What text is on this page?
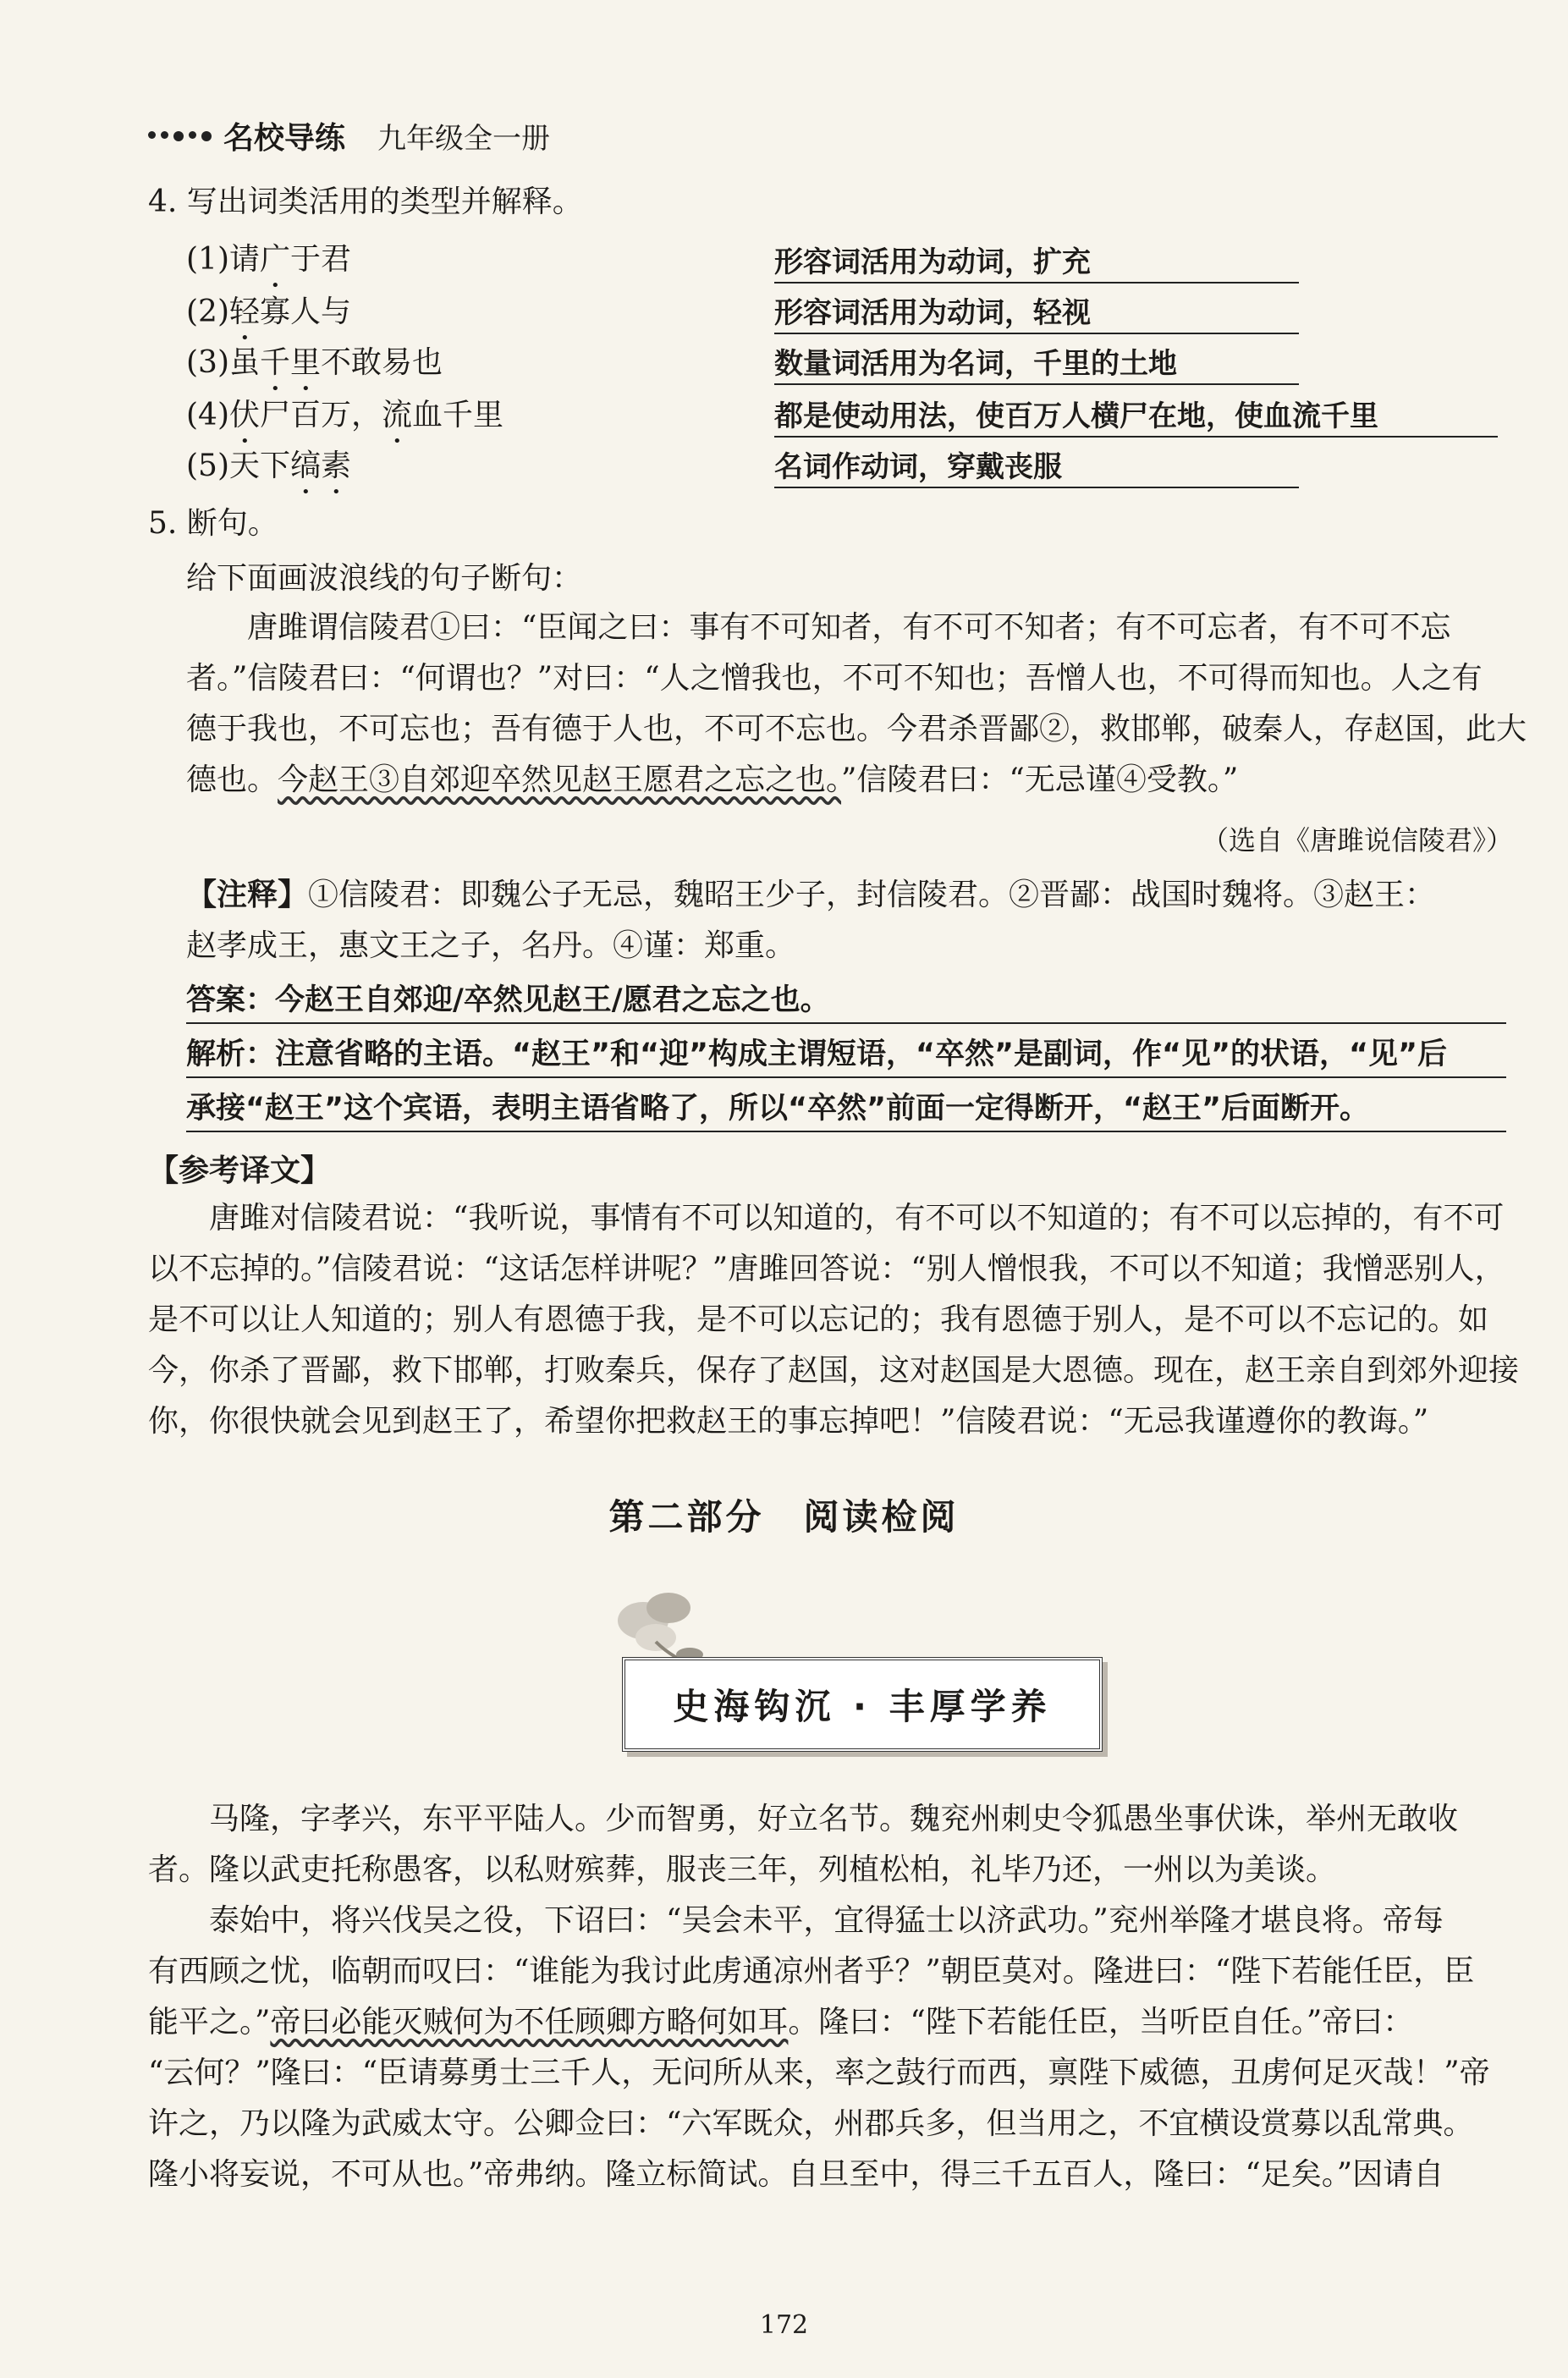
名校导练 九年级全一册
4. 写出词类活用的类型并解释。
(1)请广于君	形容词活用为动词，扩充
(2)轻寡人与	形容词活用为动词，轻视
(3)虽千里不敢易也	数量词活用为名词，千里的土地
(4)伏尸百万，流血千里	都是使动用法，使百万人横尸在地，使血流千里
(5)天下缟素	名词作动词，穿戴丧服
5. 断句。
给下面画波浪线的句子断句：
　　唐雎谓信陵君①曰：“臣闻之曰：事有不可知者，有不可不知者；有不可忘者，有不可不忘
者。”信陵君曰：“何谓也？”对曰：“人之憎我也，不可不知也；吾憎人也，不可得而知也。人之有
德于我也，不可忘也；吾有德于人也，不可不忘也。今君杀晋鄙②，救邯郸，破秦人，存赵国，此大
德也。今赵王③自郊迎卒然见赵王愿君之忘之也。”信陵君曰：“无忌谨④受教。”
（选自《唐雎说信陵君》）
【注释】①信陵君：即魏公子无忌，魏昭王少子，封信陵君。②晋鄙：战国时魏将。③赵王：
赵孝成王，惠文王之子，名丹。④谨：郑重。
答案：今赵王自郊迎/卒然见赵王/愿君之忘之也。
解析：注意省略的主语。“赵王”和“迎”构成主谓短语，“卒然”是副词，作“见”的状语，“见”后
承接“赵王”这个宾语，表明主语省略了，所以“卒然”前面一定得断开，“赵王”后面断开。
【参考译文】
　　唐雎对信陵君说：“我听说，事情有不可以知道的，有不可以不知道的；有不可以忘掉的，有不可
以不忘掉的。”信陵君说：“这话怎样讲呢？”唐雎回答说：“别人憎恨我，不可以不知道；我憎恶别人，
是不可以让人知道的；别人有恩德于我，是不可以忘记的；我有恩德于别人，是不可以不忘记的。如
今，你杀了晋鄙，救下邯郸，打败秦兵，保存了赵国，这对赵国是大恩德。现在，赵王亲自到郊外迎接
你，你很快就会见到赵王了，希望你把救赵王的事忘掉吧！”信陵君说：“无忌我谨遵你的教诲。”
第二部分　阅读检阅
史海钩沉 · 丰厚学养
　　马隆，字孝兴，东平平陆人。少而智勇，好立名节。魏兖州刺史令狐愚坐事伏诛，举州无敢收
者。隆以武吏托称愚客，以私财殡葬，服丧三年，列植松柏，礼毕乃还，一州以为美谈。
　　泰始中，将兴伐吴之役，下诏曰：“吴会未平，宜得猛士以济武功。”兖州举隆才堪良将。帝每
有西顾之忧，临朝而叹曰：“谁能为我讨此虏通凉州者乎？”朝臣莫对。隆进曰：“陛下若能任臣，臣
能平之。”帝曰必能灭贼何为不任顾卿方略何如耳。隆曰：“陛下若能任臣，当听臣自任。”帝曰：
“云何？”隆曰：“臣请募勇士三千人，无问所从来，率之鼓行而西，禀陛下威德，丑虏何足灭哉！”帝
许之，乃以隆为武威太守。公卿佥曰：“六军既众，州郡兵多，但当用之，不宜横设赏募以乱常典。
隆小将妄说，不可从也。”帝弗纳。隆立标简试。自旦至中，得三千五百人，隆曰：“足矣。”因请自
172
